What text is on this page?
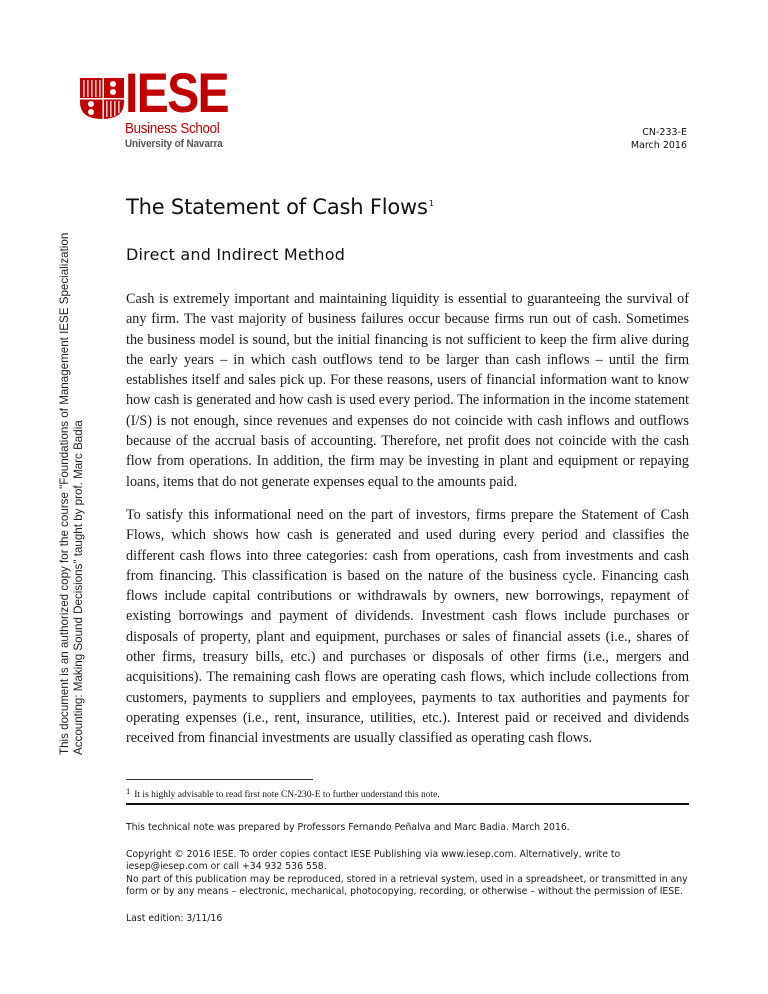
This document is an authorized copy for the course "Foundations of Management IESE Specialization Accounting: Making Sound Decisions" taught by prof. Marc Badia
IESE
Business School
University of Navarra
CN-233-E
March 2016
The Statement of Cash Flows$^1$
Direct and Indirect Method

Cash is extremely important and maintaining liquidity is essential to guaranteeing the survival of any firm. The vast majority of business failures occur because firms run out of cash. Sometimes the business model is sound, but the initial financing is not sufficient to keep the firm alive during the early years – in which cash outflows tend to be larger than cash inflows – until the firm establishes itself and sales pick up. For these reasons, users of financial information want to know how cash is generated and how cash is used every period. The information in the income statement (I/S) is not enough, since revenues and expenses do not coincide with cash inflows and outflows because of the accrual basis of accounting. Therefore, net profit does not coincide with the cash flow from operations. In addition, the firm may be investing in plant and equipment or repaying loans, items that do not generate expenses equal to the amounts paid.

To satisfy this informational need on the part of investors, firms prepare the Statement of Cash Flows, which shows how cash is generated and used during every period and classifies the different cash flows into three categories: cash from operations, cash from investments and cash from financing. This classification is based on the nature of the business cycle. Financing cash flows include capital contributions or withdrawals by owners, new borrowings, repayment of existing borrowings and payment of dividends. Investment cash flows include purchases or disposals of property, plant and equipment, purchases or sales of financial assets (i.e., shares of other firms, treasury bills, etc.) and purchases or disposals of other firms (i.e., mergers and acquisitions). The remaining cash flows are operating cash flows, which include collections from customers, payments to suppliers and employees, payments to tax authorities and payments for operating expenses (i.e., rent, insurance, utilities, etc.). Interest paid or received and dividends received from financial investments are usually classified as operating cash flows.

$^1$ It is highly advisable to read first note CN-230-E to further understand this note.

This technical note was prepared by Professors Fernando Peñalva and Marc Badia. March 2016.

Copyright © 2016 IESE. To order copies contact IESE Publishing via www.iesep.com. Alternatively, write to iesep@iesep.com or call +34 932 536 558.

No part of this publication may be reproduced, stored in a retrieval system, used in a spreadsheet, or transmitted in any form or by any means – electronic, mechanical, photocopying, recording, or otherwise – without the permission of IESE.

Last edition: 3/11/16
